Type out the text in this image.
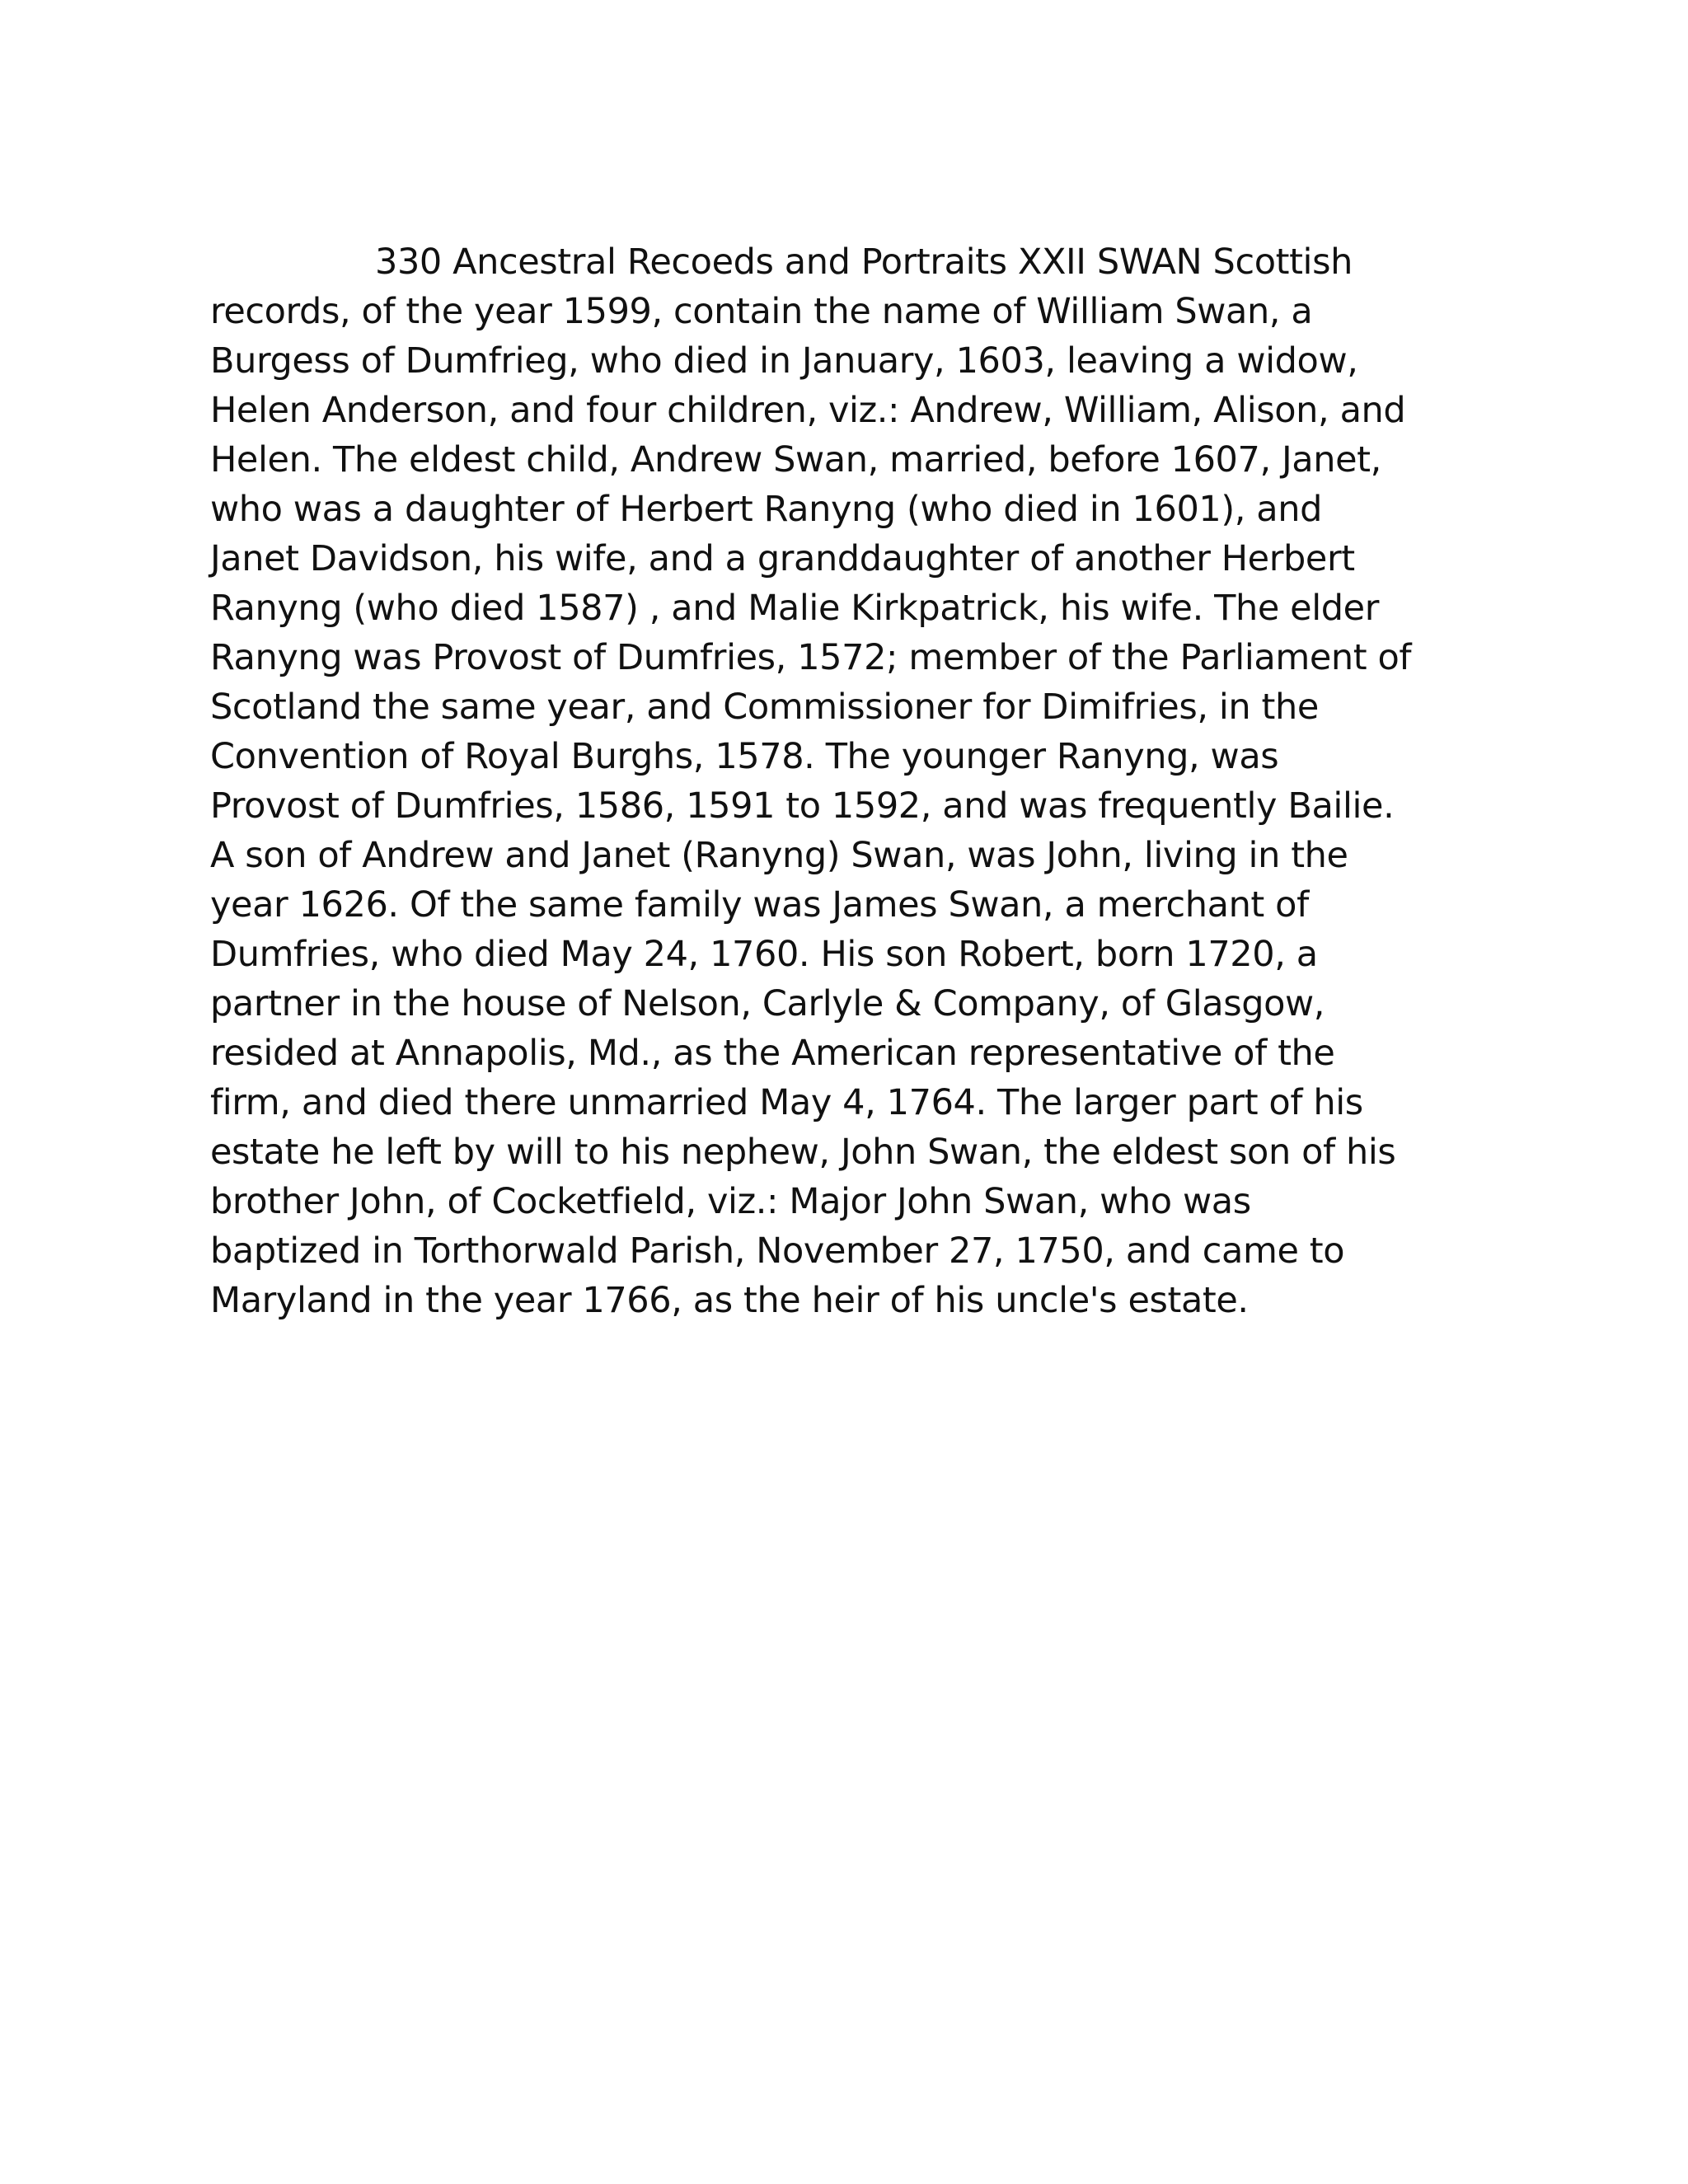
330 Ancestral Recoeds and Portraits XXII SWAN Scottish
records, of the year 1599, contain the name of William Swan, a
Burgess of Dumfrieg, who died in January, 1603, leaving a widow,
Helen Anderson, and four children, viz.: Andrew, William, Alison, and
Helen. The eldest child, Andrew Swan, married, before 1607, Janet,
who was a daughter of Herbert Ranyng (who died in 1601), and
Janet Davidson, his wife, and a granddaughter of another Herbert
Ranyng (who died 1587) , and Malie Kirkpatrick, his wife. The elder
Ranyng was Provost of Dumfries, 1572; member of the Parliament of
Scotland the same year, and Commissioner for Dimifries, in the
Convention of Royal Burghs, 1578. The younger Ranyng, was
Provost of Dumfries, 1586, 1591 to 1592, and was frequently Bailie.
A son of Andrew and Janet (Ranyng) Swan, was John, living in the
year 1626. Of the same family was James Swan, a merchant of
Dumfries, who died May 24, 1760. His son Robert, born 1720, a
partner in the house of Nelson, Carlyle & Company, of Glasgow,
resided at Annapolis, Md., as the American representative of the
firm, and died there unmarried May 4, 1764. The larger part of his
estate he left by will to his nephew, John Swan, the eldest son of his
brother John, of Cocketfield, viz.: Major John Swan, who was
baptized in Torthorwald Parish, November 27, 1750, and came to
Maryland in the year 1766, as the heir of his uncle's estate.
